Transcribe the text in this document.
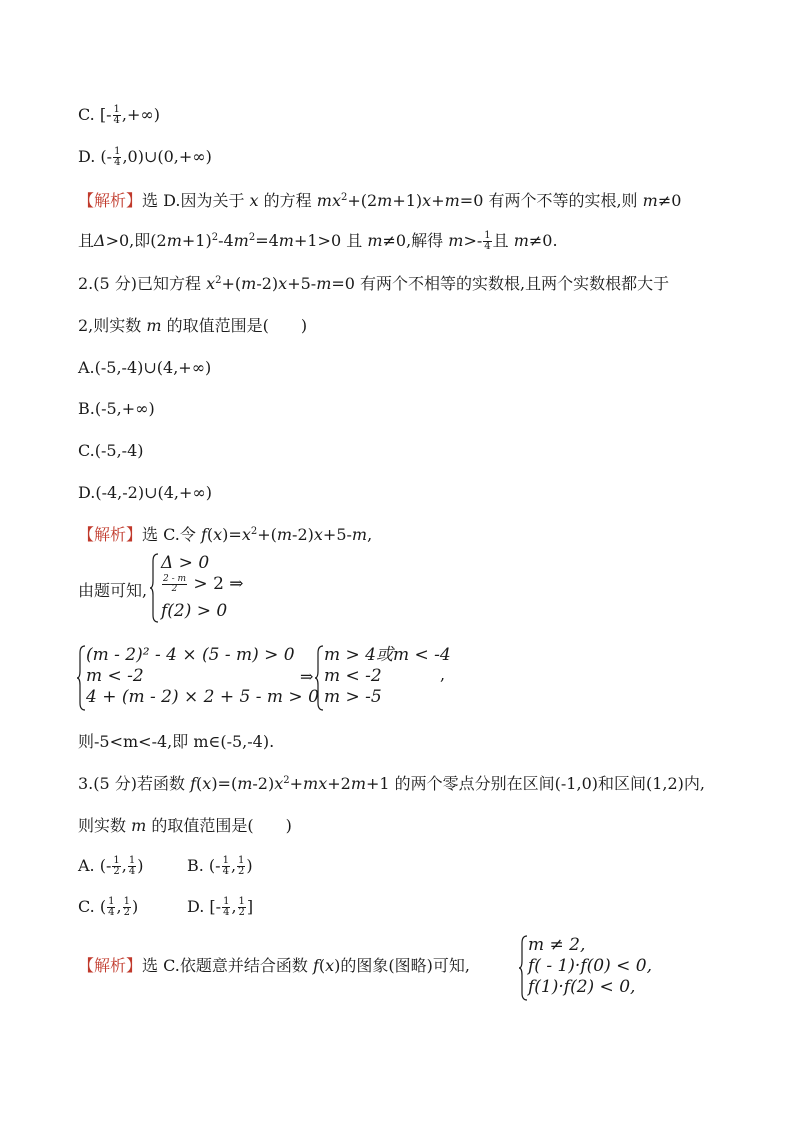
C. [- $\frac{1}{4}$ ,+∞)
D. (- $\frac{1}{4}$ ,0)∪(0,+∞)
【解析】选 D.因为关于 x 的方程 $mx^2+(2m+1)x+m=0$ 有两个不等的实根,则 m≠0
且Δ>0,即$(2m+1)^2-4m^2=4m+1>0$ 且 m≠0,解得 $m>- \frac{1}{4}$ 且 m≠0.
2.(5 分)已知方程 $x^2+(m-2)x+5-m=0$ 有两个不相等的实数根,且两个实数根都大于
2,则实数 m 的取值范围是(　　)
A.(-5,-4)∪(4,+∞)
B.(-5,+∞)
C.(-5,-4)
D.(-4,-2)∪(4,+∞)
【解析】选 C.令 $f(x)=x^2+(m-2)x+5-m$,
由题可知,
Δ > 0
$\frac{2 - m}{2} > 2$ ⇒
f(2) > 0
(m - 2)² - 4 × (5 - m) > 0
m < -2
4 + (m - 2) × 2 + 5 - m > 0
⇒
m > 4或m < -4
m < -2
m > -5
,
则-5<m<-4,即 m∈(-5,-4).
3.(5 分)若函数 $f(x)=(m-2)x^2+mx+2m+1$ 的两个零点分别在区间(-1,0)和区间(1,2)内,
则实数 m 的取值范围是(　　)
A. (- $\frac{1}{2}$ , $\frac{1}{4}$ )	B. (- $\frac{1}{4}$ , $\frac{1}{2}$ )
C. ( $\frac{1}{4}$ , $\frac{1}{2}$ )	D. [- $\frac{1}{4}$ , $\frac{1}{2}$ ]
【解析】选 C.依题意并结合函数 f(x)的图象(图略)可知,
m ≠ 2,
f( - 1)·f(0) < 0,
f(1)·f(2) < 0,
